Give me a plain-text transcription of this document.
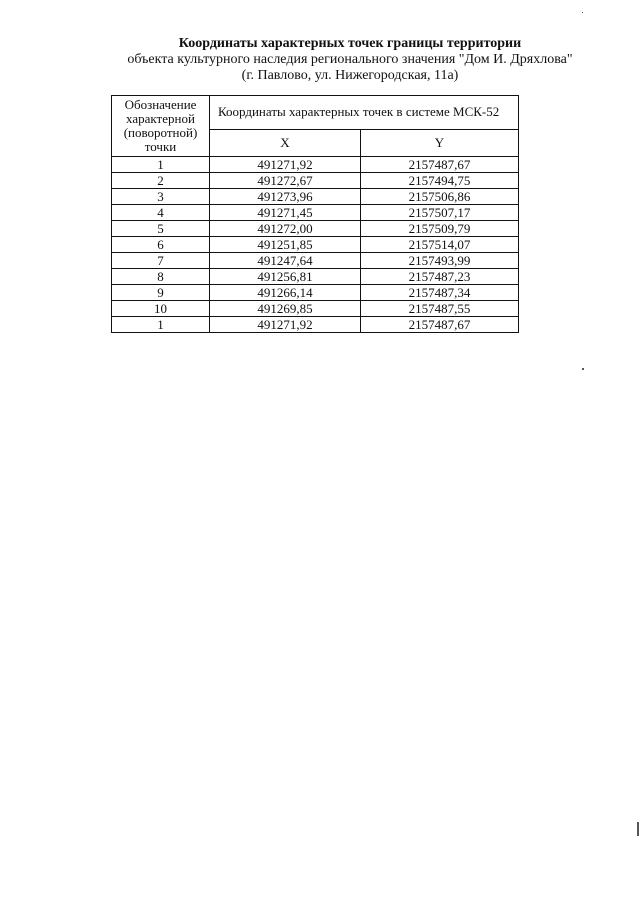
Координаты характерных точек границы территории
объекта культурного наследия регионального значения "Дом И. Дряхлова"
(г. Павлово, ул. Нижегородская, 11а)
Обозначение характерной (поворотной) точки	Координаты характерных точек в системе МСК-52	
	X	Y
1	491271,92	2157487,67
2	491272,67	2157494,75
3	491273,96	2157506,86
4	491271,45	2157507,17
5	491272,00	2157509,79
6	491251,85	2157514,07
7	491247,64	2157493,99
8	491256,81	2157487,23
9	491266,14	2157487,34
10	491269,85	2157487,55
1	491271,92	2157487,67
